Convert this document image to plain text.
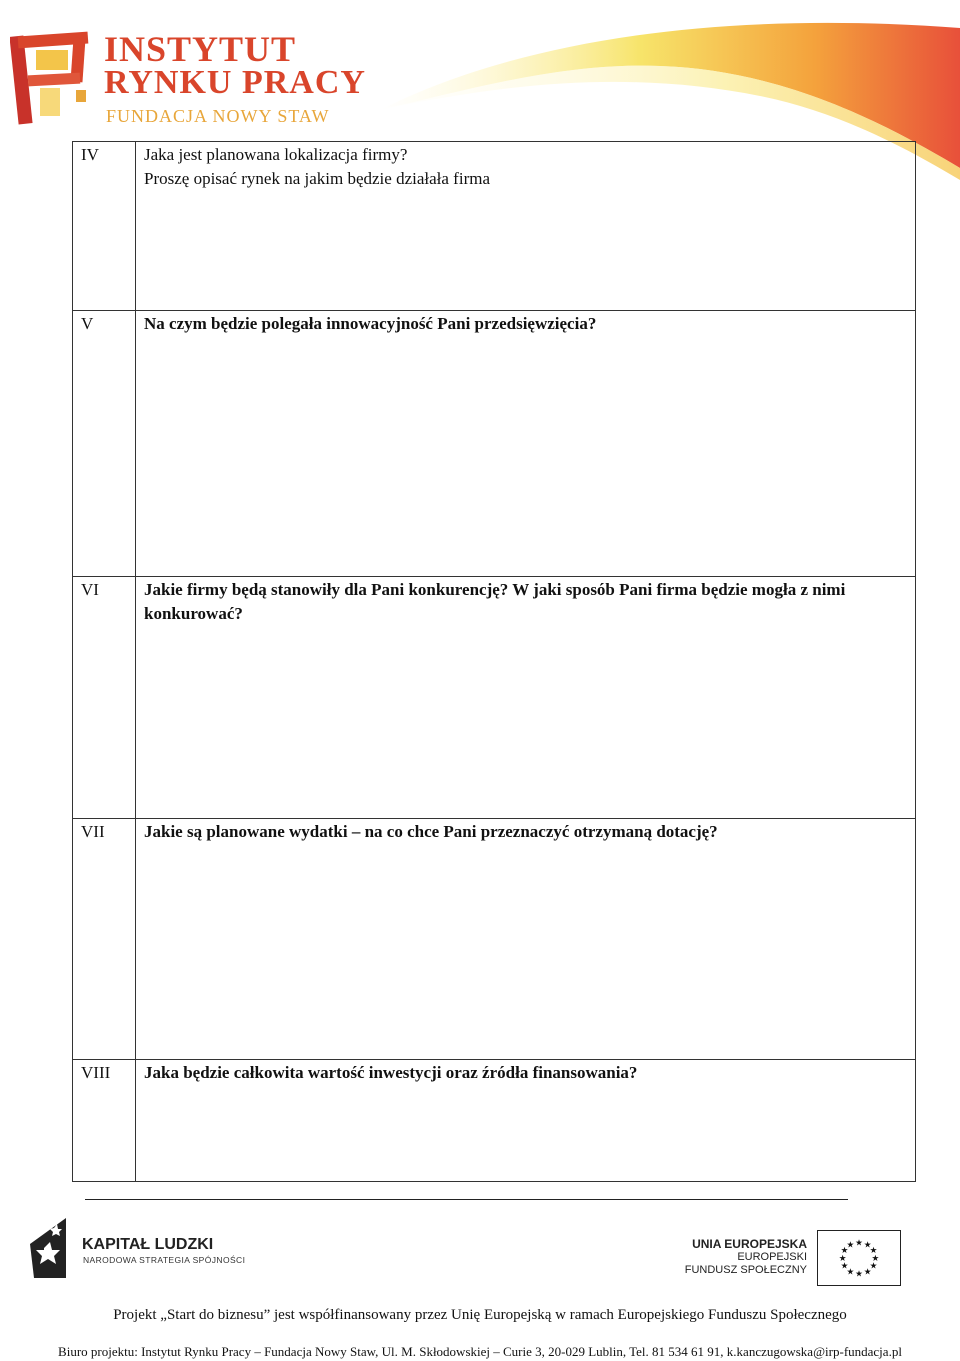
INSTYTUT
RYNKU PRACY
FUNDACJA NOWY STAW
IV	Jaka jest planowana lokalizacja firmy?
Proszę opisać rynek na jakim będzie działała firma

V	Na czym będzie polegała innowacyjność Pani przedsięwzięcia?

VI	Jakie firmy będą stanowiły dla Pani konkurencję? W jaki sposób Pani firma będzie mogła z nimi konkurować?

VII	Jakie są planowane wydatki – na co chce Pani przeznaczyć otrzymaną dotację?

VIII	Jaka będzie całkowita wartość inwestycji oraz źródła finansowania?
KAPITAŁ LUDZKI
NARODOWA STRATEGIA SPÓJNOŚCI
UNIA EUROPEJSKA
EUROPEJSKI
FUNDUSZ SPOŁECZNY
★ ★
★
★
★
★
★
★
★
★
★
★
Projekt „Start do biznesu” jest współfinansowany przez Unię Europejską w ramach Europejskiego Funduszu Społecznego
Biuro projektu: Instytut Rynku Pracy – Fundacja Nowy Staw, Ul. M. Skłodowskiej – Curie 3, 20-029 Lublin, Tel. 81 534 61 91, k.kanczugowska@irp-fundacja.pl
